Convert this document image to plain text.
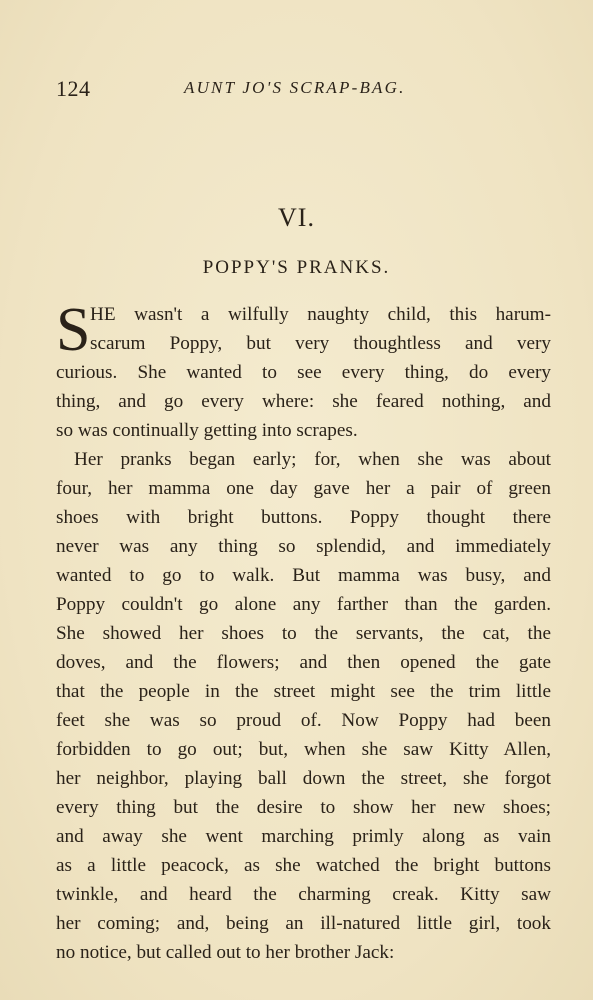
124	AUNT JO'S SCRAP-BAG.
VI.
POPPY'S PRANKS.
S HE wasn't a wilfully naughty child, this harum-
scarum Poppy, but very thoughtless and very
curious. She wanted to see every thing, do every
thing, and go every where: she feared nothing, and
so was continually getting into scrapes.
Her pranks began early; for, when she was about
four, her mamma one day gave her a pair of green
shoes with bright buttons. Poppy thought there
never was any thing so splendid, and immediately
wanted to go to walk. But mamma was busy, and
Poppy couldn't go alone any farther than the garden.
She showed her shoes to the servants, the cat, the
doves, and the flowers; and then opened the gate
that the people in the street might see the trim little
feet she was so proud of. Now Poppy had been
forbidden to go out; but, when she saw Kitty Allen,
her neighbor, playing ball down the street, she forgot
every thing but the desire to show her new shoes;
and away she went marching primly along as vain
as a little peacock, as she watched the bright buttons
twinkle, and heard the charming creak. Kitty saw
her coming; and, being an ill-natured little girl, took
no notice, but called out to her brother Jack:
